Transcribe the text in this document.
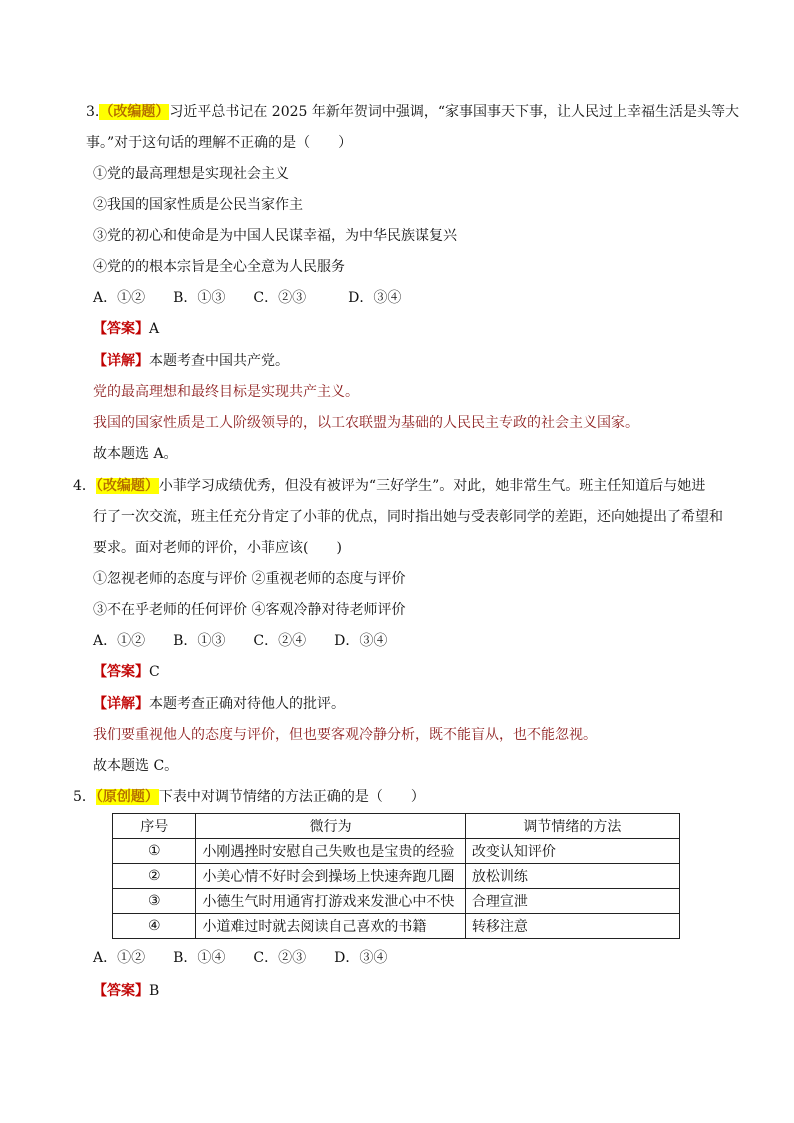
3.（改编题）习近平总书记在 2025 年新年贺词中强调，“家事国事天下事，让人民过上幸福生活是头等大
事。”对于这句话的理解不正确的是（　　）
①党的最高理想是实现社会主义
②我国的国家性质是公民当家作主
③党的初心和使命是为中国人民谋幸福，为中华民族谋复兴
④党的的根本宗旨是全心全意为人民服务
A．①②　　B．①③　　C．②③　　　D．③④
【答案】A
【详解】本题考查中国共产党。
党的最高理想和最终目标是实现共产主义。
我国的国家性质是工人阶级领导的，以工农联盟为基础的人民民主专政的社会主义国家。
故本题选 A。
4．（改编题）小菲学习成绩优秀，但没有被评为“三好学生”。对此，她非常生气。班主任知道后与她进
行了一次交流，班主任充分肯定了小菲的优点，同时指出她与受表彰同学的差距，还向她提出了希望和
要求。面对老师的评价，小菲应该(　　)
①忽视老师的态度与评价 ②重视老师的态度与评价
③不在乎老师的任何评价 ④客观冷静对待老师评价
A．①②　　B．①③　　C．②④　　D．③④
【答案】C
【详解】本题考查正确对待他人的批评。
我们要重视他人的态度与评价，但也要客观冷静分析，既不能盲从，也不能忽视。
故本题选 C。
5．（原创题）下表中对调节情绪的方法正确的是（　　）
序号	微行为	调节情绪的方法
①	小刚遇挫时安慰自己失败也是宝贵的经验	改变认知评价
②	小美心情不好时会到操场上快速奔跑几圈	放松训练
③	小德生气时用通宵打游戏来发泄心中不快	合理宣泄
④	小道难过时就去阅读自己喜欢的书籍	转移注意
A．①②　　B．①④　　C．②③　　D．③④
【答案】B
